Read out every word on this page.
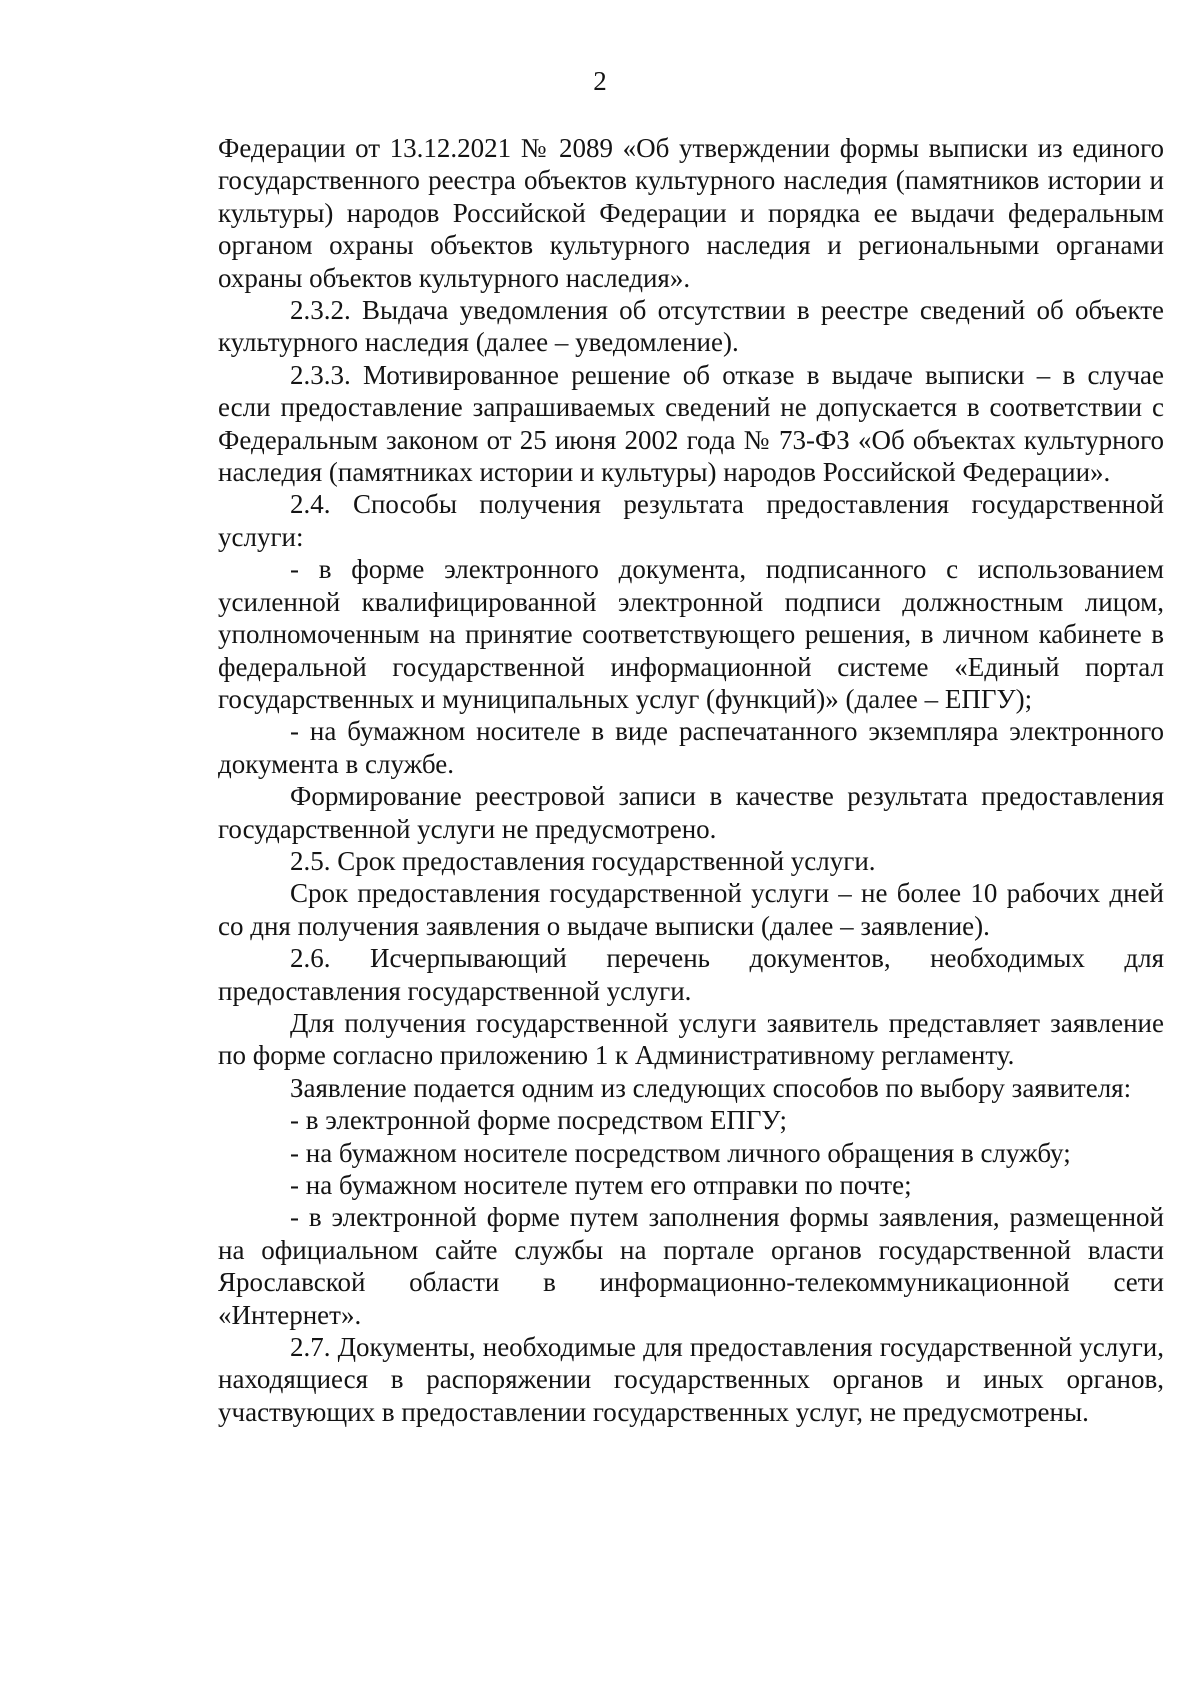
2

Федерации от 13.12.2021 № 2089 «Об утверждении формы выписки из единого государственного реестра объектов культурного наследия (памятников истории и культуры) народов Российской Федерации и порядка ее выдачи федеральным органом охраны объектов культурного наследия и региональными органами охраны объектов культурного наследия».

2.3.2. Выдача уведомления об отсутствии в реестре сведений об объекте культурного наследия (далее – уведомление).

2.3.3. Мотивированное решение об отказе в выдаче выписки – в случае если предоставление запрашиваемых сведений не допускается в соответствии с Федеральным законом от 25 июня 2002 года № 73-ФЗ «Об объектах культурного наследия (памятниках истории и культуры) народов Российской Федерации».

2.4. Способы получения результата предоставления государственной услуги:

- в форме электронного документа, подписанного с использованием усиленной квалифицированной электронной подписи должностным лицом, уполномоченным на принятие соответствующего решения, в личном кабинете в федеральной государственной информационной системе «Единый портал государственных и муниципальных услуг (функций)» (далее – ЕПГУ);

- на бумажном носителе в виде распечатанного экземпляра электронного документа в службе.

Формирование реестровой записи в качестве результата предоставления государственной услуги не предусмотрено.

2.5. Срок предоставления государственной услуги.

Срок предоставления государственной услуги – не более 10 рабочих дней со дня получения заявления о выдаче выписки (далее – заявление).

2.6. Исчерпывающий перечень документов, необходимых для предоставления государственной услуги.

Для получения государственной услуги заявитель представляет заявление по форме согласно приложению 1 к Административному регламенту.

Заявление подается одним из следующих способов по выбору заявителя:

- в электронной форме посредством ЕПГУ;

- на бумажном носителе посредством личного обращения в службу;

- на бумажном носителе путем его отправки по почте;

- в электронной форме путем заполнения формы заявления, размещенной на официальном сайте службы на портале органов государственной власти Ярославской области в информационно-телекоммуникационной сети «Интернет».

2.7. Документы, необходимые для предоставления государственной услуги, находящиеся в распоряжении государственных органов и иных органов, участвующих в предоставлении государственных услуг, не предусмотрены.
